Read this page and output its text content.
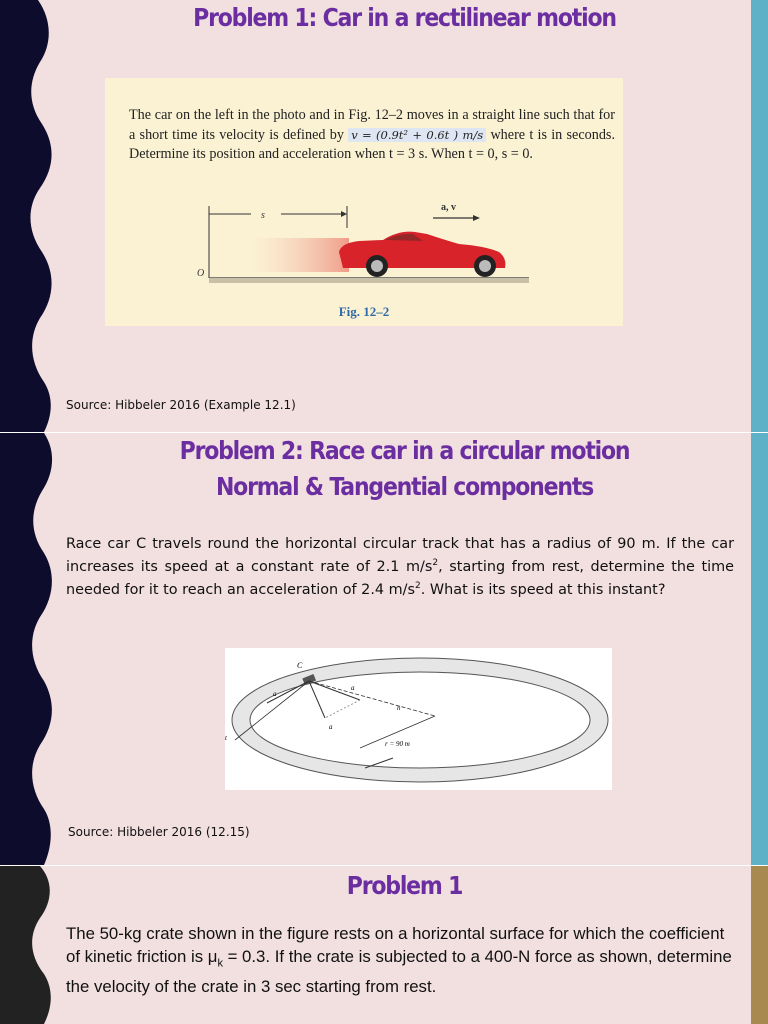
Problem 1: Car in a rectilinear motion
The car on the left in the photo and in Fig. 12–2 moves in a straight line such that for a short time its velocity is defined by v = (0.9t² + 0.6t ) m/s where t is in seconds. Determine its position and acceleration when t = 3 s. When t = 0, s = 0.
s
a, v
O
Fig. 12–2
Source: Hibbeler 2016 (Example 12.1)
Problem 2: Race car in a circular motion
Normal & Tangential components
Race car C travels round the horizontal circular track that has a radius of 90 m. If the car increases its speed at a constant rate of 2.1 $m/s^2$, starting from rest, determine the time needed for it to reach an acceleration of 2.4 $m/s^2$. What is its speed at this instant?
C
a
a
a
n
t
r = 90 m
Source: Hibbeler 2016 (12.15)
Problem 1
The 50-kg crate shown in the figure rests on a horizontal surface for which the coefficient of kinetic friction is $\mu_k = 0.3$. If the crate is subjected to a 400-N force as shown, determine the velocity of the crate in 3 sec starting from rest.
